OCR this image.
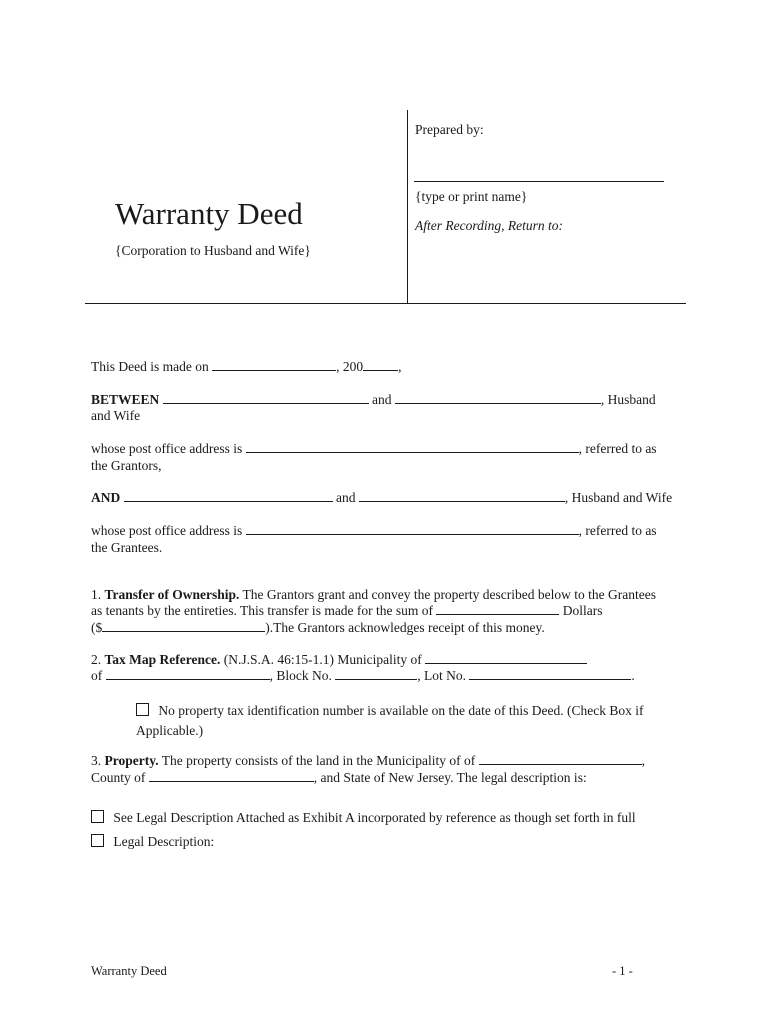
Prepared by:
{type or print name}
After Recording, Return to:
Warranty Deed
{Corporation to Husband and Wife}
This Deed is made on	, 200	,
BETWEEN	and	, Husband
and Wife
whose post office address is	, referred to as
the Grantors,
AND	and	, Husband and Wife
whose post office address is	, referred to as
the Grantees.
1. Transfer of Ownership. The Grantors grant and convey the property described below to the Grantees
as tenants by the entireties. This transfer is made for the sum of	Dollars
($	).The Grantors acknowledges receipt of this money.
2. Tax Map Reference. (N.J.S.A. 46:15-1.1) Municipality of
of	, Block No.	, Lot No.	.
No property tax identification number is available on the date of this Deed. (Check Box if
Applicable.)
3. Property. The property consists of the land in the Municipality of of	,
County of	, and State of New Jersey. The legal description is:
See Legal Description Attached as Exhibit A incorporated by reference as though set forth in full
Legal Description:
Warranty Deed	- 1 -
